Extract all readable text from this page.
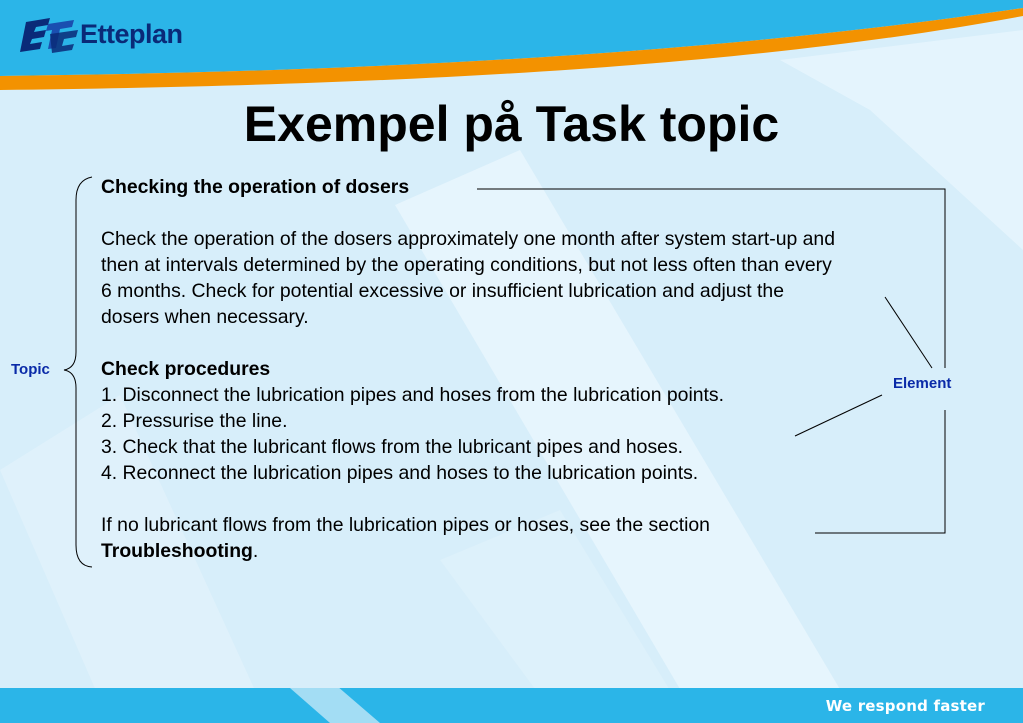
Etteplan
Exempel på Task topic

Checking the operation of dosers

Check the operation of the dosers approximately one month after system start-up and

then at intervals determined by the operating conditions, but not less often than every

6 months. Check for potential excessive or insufficient lubrication and adjust the

dosers when necessary.

Check procedures

1. Disconnect the lubrication pipes and hoses from the lubrication points.

2. Pressurise the line.

3. Check that the lubricant flows from the lubricant pipes and hoses.

4. Reconnect the lubrication pipes and hoses to the lubrication points.

If no lubricant flows from the lubrication pipes or hoses, see the section

Troubleshooting.

Topic
Element
We respond faster
